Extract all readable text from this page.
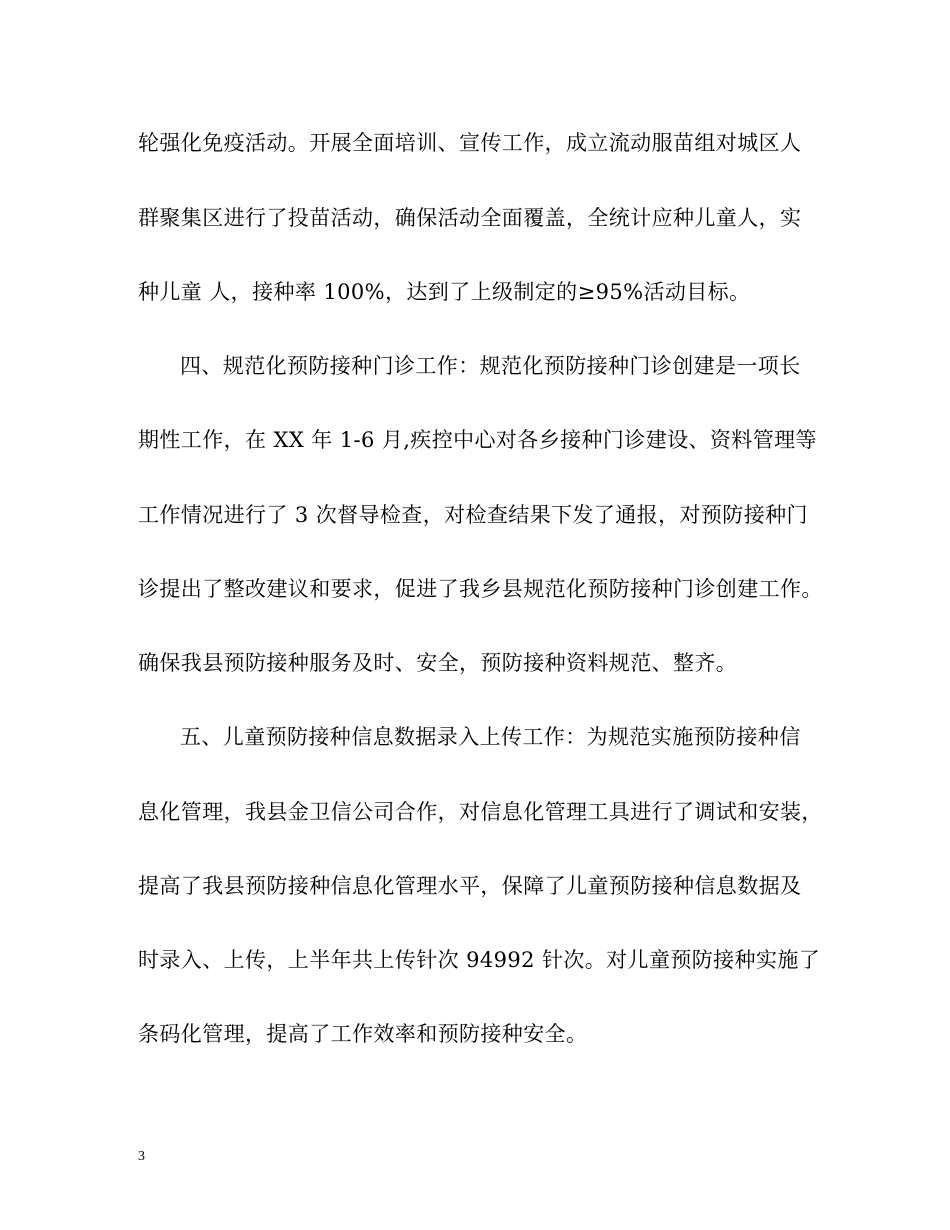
轮强化免疫活动。开展全面培训、宣传工作，成立流动服苗组对城区人
群聚集区进行了投苗活动，确保活动全面覆盖，全统计应种儿童人，实
种儿童 人，接种率 100%，达到了上级制定的≥95%活动目标。
四、规范化预防接种门诊工作：规范化预防接种门诊创建是一项长
期性工作，在 XX 年 1-6 月,疾控中心对各乡接种门诊建设、资料管理等
工作情况进行了 3 次督导检查，对检查结果下发了通报，对预防接种门
诊提出了整改建议和要求，促进了我乡县规范化预防接种门诊创建工作。
确保我县预防接种服务及时、安全，预防接种资料规范、整齐。
五、儿童预防接种信息数据录入上传工作：为规范实施预防接种信
息化管理，我县金卫信公司合作，对信息化管理工具进行了调试和安装，
提高了我县预防接种信息化管理水平，保障了儿童预防接种信息数据及
时录入、上传，上半年共上传针次 94992 针次。对儿童预防接种实施了
条码化管理，提高了工作效率和预防接种安全。
3
